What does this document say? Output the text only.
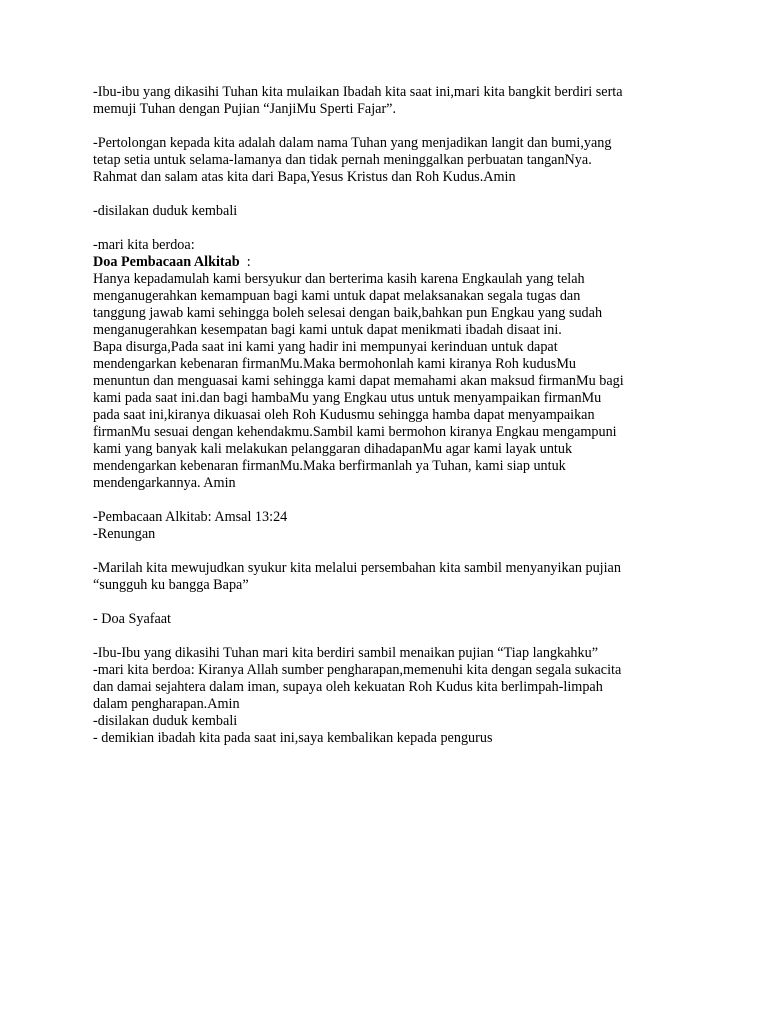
-Ibu-ibu yang dikasihi Tuhan kita mulaikan Ibadah kita saat ini,mari kita bangkit berdiri serta
memuji Tuhan dengan Pujian “JanjiMu Sperti Fajar”.
-Pertolongan kepada kita adalah dalam nama Tuhan yang menjadikan langit dan bumi,yang
tetap setia untuk selama-lamanya dan tidak pernah meninggalkan perbuatan tanganNya.
Rahmat dan salam atas kita dari Bapa,Yesus Kristus dan Roh Kudus.Amin
-disilakan duduk kembali
-mari kita berdoa:
Doa Pembacaan Alkitab  :
Hanya kepadamulah kami bersyukur dan berterima kasih karena Engkaulah yang telah
menganugerahkan kemampuan bagi kami untuk dapat melaksanakan segala tugas dan
tanggung jawab kami sehingga boleh selesai dengan baik,bahkan pun Engkau yang sudah
menganugerahkan kesempatan bagi kami untuk dapat menikmati ibadah disaat ini.
Bapa disurga,Pada saat ini kami yang hadir ini mempunyai kerinduan untuk dapat
mendengarkan kebenaran firmanMu.Maka bermohonlah kami kiranya Roh kudusMu
menuntun dan menguasai kami sehingga kami dapat memahami akan maksud firmanMu bagi
kami pada saat ini.dan bagi hambaMu yang Engkau utus untuk menyampaikan firmanMu
pada saat ini,kiranya dikuasai oleh Roh Kudusmu sehingga hamba dapat menyampaikan
firmanMu sesuai dengan kehendakmu.Sambil kami bermohon kiranya Engkau mengampuni
kami yang banyak kali melakukan pelanggaran dihadapanMu agar kami layak untuk
mendengarkan kebenaran firmanMu.Maka berfirmanlah ya Tuhan, kami siap untuk
mendengarkannya. Amin
-Pembacaan Alkitab: Amsal 13:24
-Renungan
-Marilah kita mewujudkan syukur kita melalui persembahan kita sambil menyanyikan pujian
“sungguh ku bangga Bapa”
- Doa Syafaat
-Ibu-Ibu yang dikasihi Tuhan mari kita berdiri sambil menaikan pujian “Tiap langkahku”
-mari kita berdoa: Kiranya Allah sumber pengharapan,memenuhi kita dengan segala sukacita
dan damai sejahtera dalam iman, supaya oleh kekuatan Roh Kudus kita berlimpah-limpah
dalam pengharapan.Amin
-disilakan duduk kembali
- demikian ibadah kita pada saat ini,saya kembalikan kepada pengurus
